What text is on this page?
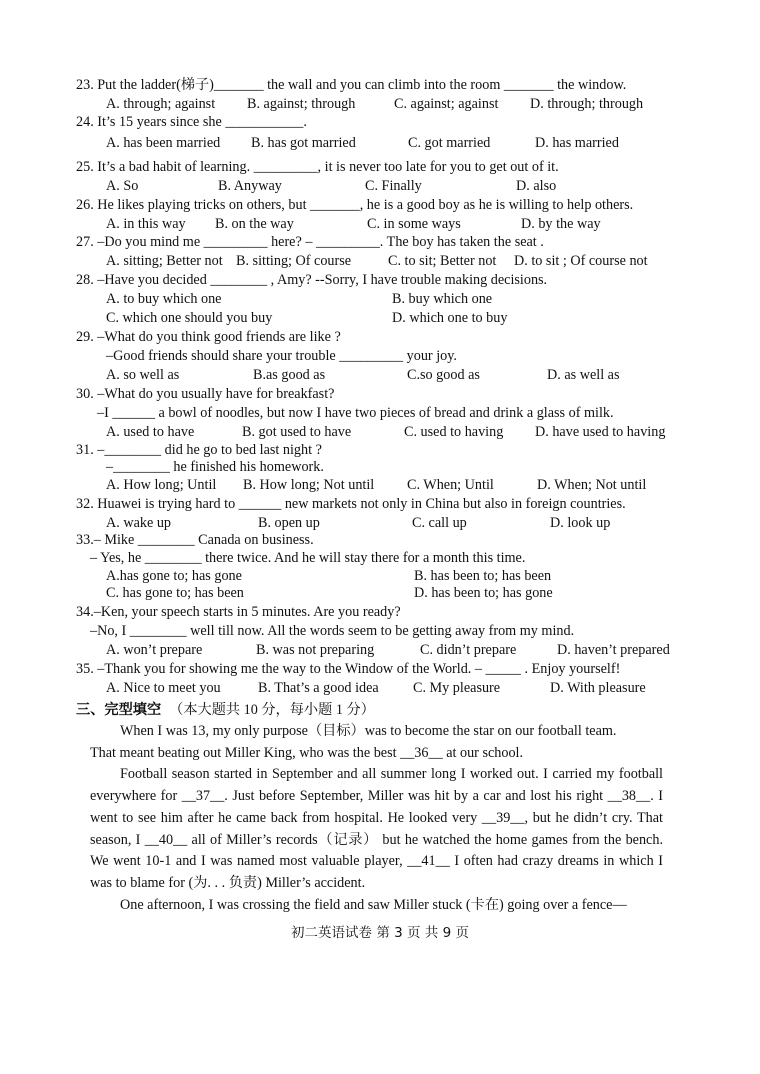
23. Put the ladder(梯子)_______ the wall and you can climb into the room _______ the window.
A. through; against B. against; through	C. against; against D. through; through
24. It’s 15 years since she ___________.
A. has been married B. has got married	C. got married	D. has married
25. It’s a bad habit of learning. _________, it is never too late for you to get out of it.
A. So	B. Anyway	C. Finally	D. also
26. He likes playing tricks on others, but _______, he is a good boy as he is willing to help others.
A. in this way B. on the way	C. in some ways	D. by the way
27. –Do you mind me _________ here? – _________. The boy has taken the seat .
A. sitting; Better not B. sitting; Of course	C. to sit; Better not D. to sit ; Of course not
28. –Have you decided ________ , Amy? --Sorry, I have trouble making decisions.
A. to buy which one	B. buy which one
C. which one should you buy	D. which one to buy
29. –What do you think good friends are like ?
–Good friends should share your trouble _________ your joy.
A. so well as	B.as good as	C.so good as	D. as well as
30. –What do you usually have for breakfast?
–I ______ a bowl of noodles, but now I have two pieces of bread and drink a glass of milk.
A. used to have	B. got used to have	C. used to having D. have used to having
31. –________ did he go to bed last night ?
–________ he finished his homework.
A. How long; Until B. How long; Not until C. When; Until	D. When; Not until
32. Huawei is trying hard to ______ new markets not only in China but also in foreign countries.
A. wake up	B. open up	C. call up	D. look up
33.– Mike ________ Canada on business.
– Yes, he ________ there twice. And he will stay there for a month this time.
A.has gone to; has gone	B. has been to; has been
C. has gone to; has been	D. has been to; has gone
34.–Ken, your speech starts in 5 minutes. Are you ready?
–No, I ________ well till now. All the words seem to be getting away from my mind.
A. won’t prepare	B. was not preparing	C. didn’t prepare	D. haven’t prepared
35. –Thank you for showing me the way to the Window of the World. – _____ . Enjoy yourself!
A. Nice to meet you	B. That’s a good idea C. My pleasure	D. With pleasure
三、完型填空 （本大题共 10 分，每小题 1 分）
When I was 13, my only purpose（目标）was to become the star on our football team.
That meant beating out Miller King, who was the best __36__ at our school.
Football season started in September and all summer long I worked out. I carried my football everywhere for __37__. Just before September, Miller was hit by a car and lost his right __38__. I went to see him after he came back from hospital. He looked very __39__, but he didn’t cry. That season, I __40__ all of Miller’s records（记录） but he watched the home games from the bench. We went 10-1 and I was named most valuable player, __41__ I often had crazy dreams in which I was to blame for (为. . . 负责) Miller’s accident.
One afternoon, I was crossing the field and saw Miller stuck (卡在) going over a fence—
初二英语试卷 第 3 页 共 9 页
